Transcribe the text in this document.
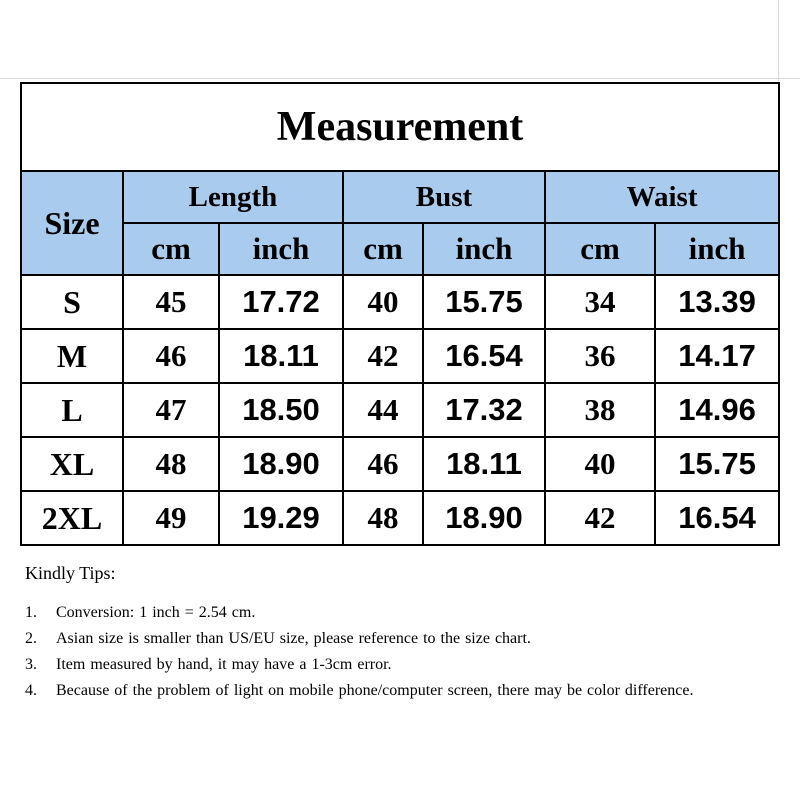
Measurement						
Size	Length		Bust		Waist	
	cm	inch	cm	inch	cm	inch
S	45	17.72	40	15.75	34	13.39
M	46	18.11	42	16.54	36	14.17
L	47	18.50	44	17.32	38	14.96
XL	48	18.90	46	18.11	40	15.75
2XL	49	19.29	48	18.90	42	16.54
Kindly Tips:
1.	Conversion: 1 inch = 2.54 cm.
2.	Asian size is smaller than US/EU size, please reference to the size chart.
3.	Item measured by hand, it may have a 1-3cm error.
4.	Because of the problem of light on mobile phone/computer screen, there may be color difference.
